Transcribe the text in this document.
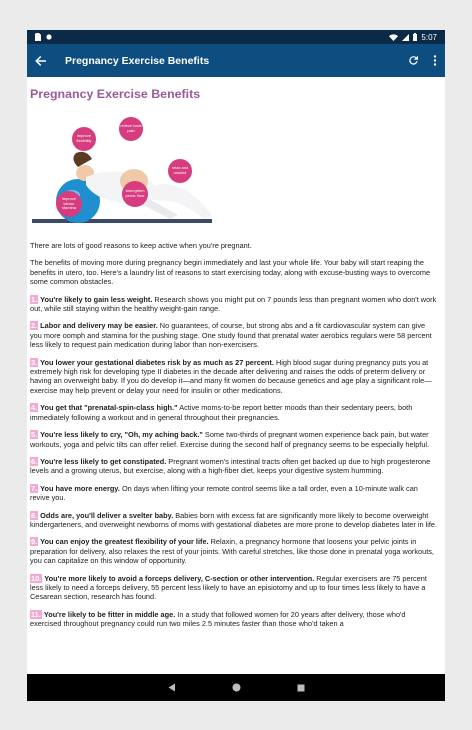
5:07
Pregnancy Exercise Benefits
Pregnancy Exercise Benefits
improve flexibility
relieve back pain
relax and unwind
strengthen pelvic floor
improve labour stamina

There are lots of good reasons to keep active when you're pregnant.

The benefits of moving more during pregnancy begin immediately and last your whole life. Your baby will start reaping the benefits in utero, too. Here's a laundry list of reasons to start exercising today, along with excuse-busting ways to overcome some common obstacles.

1. You're likely to gain less weight. Research shows you might put on 7 pounds less than pregnant women who don't work out, while still staying within the healthy weight-gain range.

2. Labor and delivery may be easier. No guarantees, of course, but strong abs and a fit cardiovascular system can give you more oomph and stamina for the pushing stage. One study found that prenatal water aerobics regulars were 58 percent less likely to request pain medication during labor than non-exercisers.

3. You lower your gestational diabetes risk by as much as 27 percent. High blood sugar during pregnancy puts you at extremely high risk for developing type II diabetes in the decade after delivering and raises the odds of preterm delivery or having an overweight baby. If you do develop it—and many fit women do because genetics and age play a significant role—exercise may help prevent or delay your need for insulin or other medications.

4. You get that "prenatal-spin-class high." Active moms-to-be report better moods than their sedentary peers, both immediately following a workout and in general throughout their pregnancies.

5. You're less likely to cry, "Oh, my aching back." Some two-thirds of pregnant women experience back pain, but water workouts, yoga and pelvic tilts can offer relief. Exercise during the second half of pregnancy seems to be especially helpful.

6. You're less likely to get constipated. Pregnant women's intestinal tracts often get backed up due to high progesterone levels and a growing uterus, but exercise, along with a high-fiber diet, keeps your digestive system humming.

7. You have more energy. On days when lifting your remote control seems like a tall order, even a 10-minute walk can revive you.

8. Odds are, you'll deliver a svelter baby. Babies born with excess fat are significantly more likely to become overweight kindergarteners, and overweight newborns of moms with gestational diabetes are more prone to develop diabetes later in life.

9. You can enjoy the greatest flexibility of your life. Relaxin, a pregnancy hormone that loosens your pelvic joints in preparation for delivery, also relaxes the rest of your joints. With careful stretches, like those done in prenatal yoga workouts, you can capitalize on this window of opportunity.

10. You're more likely to avoid a forceps delivery, C-section or other intervention. Regular exercisers are 75 percent less likely to need a forceps delivery, 55 percent less likely to have an episiotomy and up to four times less likely to have a Cesarean section, research has found.

11. You're likely to be fitter in middle age. In a study that followed women for 20 years after delivery, those who'd exercised throughout pregnancy could run two miles 2.5 minutes faster than those who'd taken a
